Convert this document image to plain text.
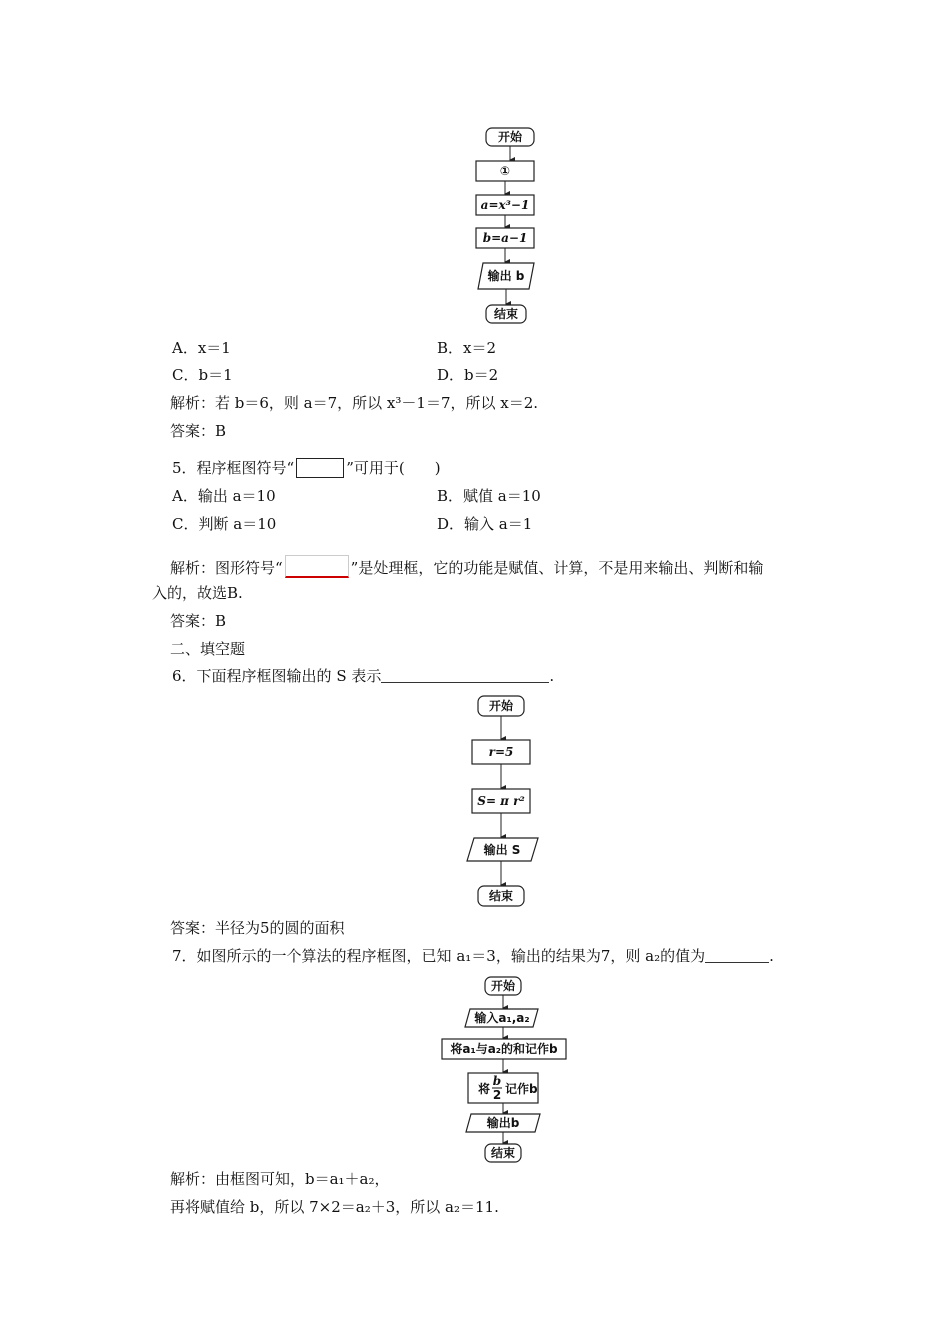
开始
①
a=x³−1
b=a−1
输出 b
结束
A．x＝1	B．x＝2
C．b＝1	D．b＝2
解析：若 b＝6，则 a＝7，所以 x³－1＝7，所以 x＝2.
答案：B
5．程序框图符号“	”可用于(　　)
A．输出 a＝10	B．赋值 a＝10
C．判断 a＝10	D．输入 a＝1
解析：图形符号“	”是处理框，它的功能是赋值、计算，不是用来输出、判断和输
入的，故选B.
答案：B
二、填空题
6．下面程序框图输出的 S 表示	.
开始
r=5
S= π r²
输出 S
结束
答案：半径为5的圆的面积
7．如图所示的一个算法的程序框图，已知 a₁＝3，输出的结果为7，则 a₂的值为	.
开始
输入a₁,a₂
将a₁与a₂的和记作b
将
b
2 记作b
输出b
结束
解析：由框图可知，b＝a₁＋a₂，
再将赋值给 b，所以 7×2＝a₂＋3，所以 a₂＝11.
